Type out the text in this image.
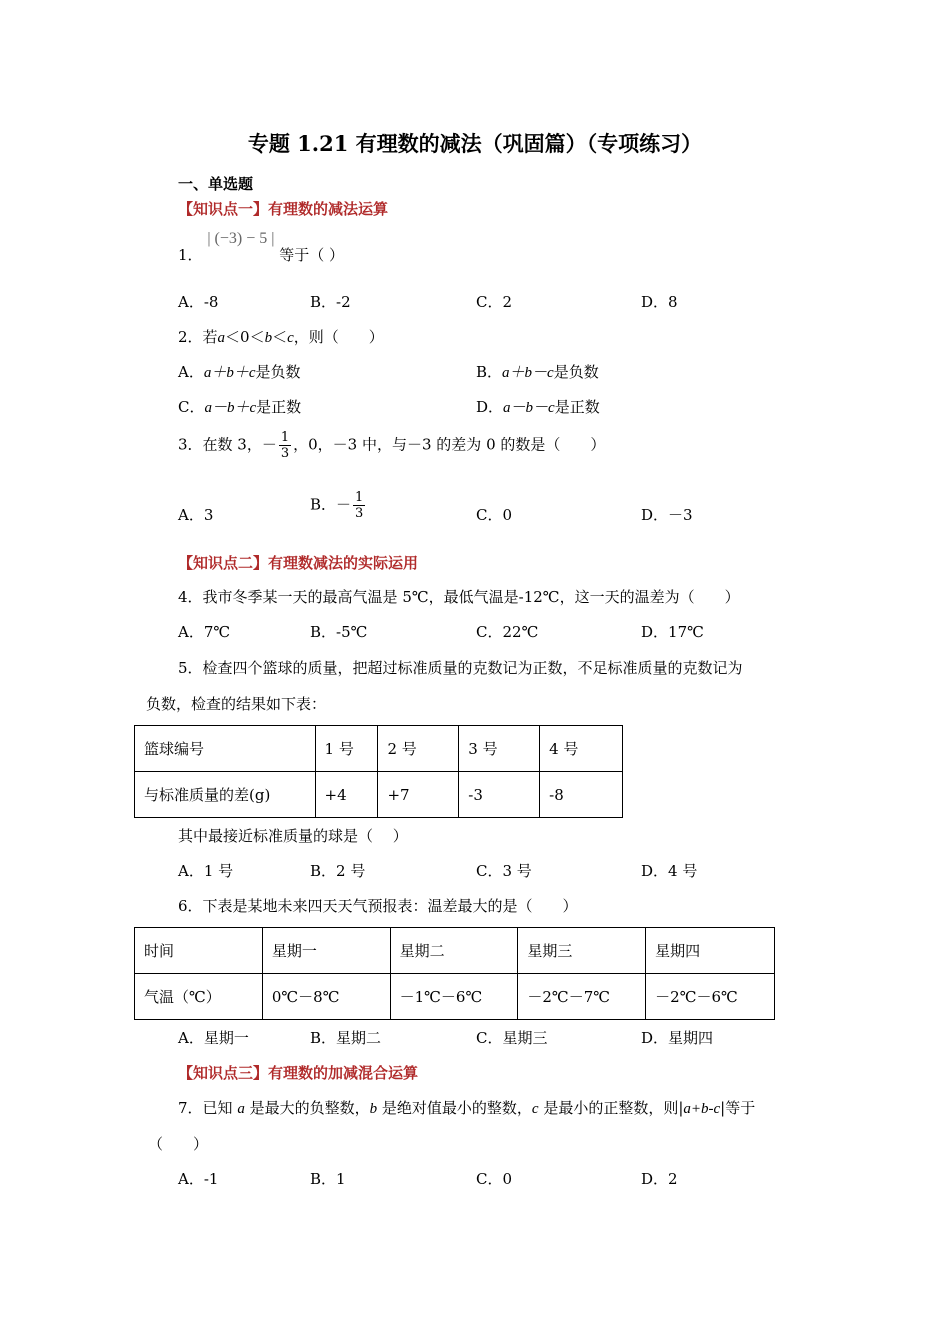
专题 1.21 有理数的减法（巩固篇）（专项练习）
一、单选题
【知识点一】有理数的减法运算
1． | (−3) − 5 | 等于（ ）
A．-8	B．-2	C．2	D．8
2．若a＜0＜b＜c，则（　　）
A．a＋b＋c是负数	B．a＋b－c是负数
C．a－b＋c是正数	D．a－b－c是正数
3．在数 3，－ $\frac{1}{3}$ ，0，－3 中，与－3 的差为 0 的数是（　　）
A．3
B．－ $\frac{1}{3}$	C．0	D．－3
【知识点二】有理数减法的实际运用
4．我市冬季某一天的最高气温是 5℃，最低气温是-12℃，这一天的温差为（　　）
A．7℃	B．-5℃	C．22℃	D．17℃
5．检查四个篮球的质量，把超过标准质量的克数记为正数，不足标准质量的克数记为
负数，检查的结果如下表：
篮球编号	1 号	2 号	3 号	4 号
与标准质量的差(g)	+4	+7	-3	-8
其中最接近标准质量的球是（　 ）
A．1 号	B．2 号	C．3 号	D．4 号
6．下表是某地未来四天天气预报表：温差最大的是（　　）
时间	星期一	星期二	星期三	星期四
气温（℃）	0℃－8℃	－1℃－6℃	－2℃－7℃	－2℃－6℃
A．星期一	B．星期二	C．星期三	D．星期四
【知识点三】有理数的加减混合运算
7．已知 a 是最大的负整数，b 是绝对值最小的整数，c 是最小的正整数，则|a+b-c|等于
（　　）
A．-1	B．1	C．0	D．2
